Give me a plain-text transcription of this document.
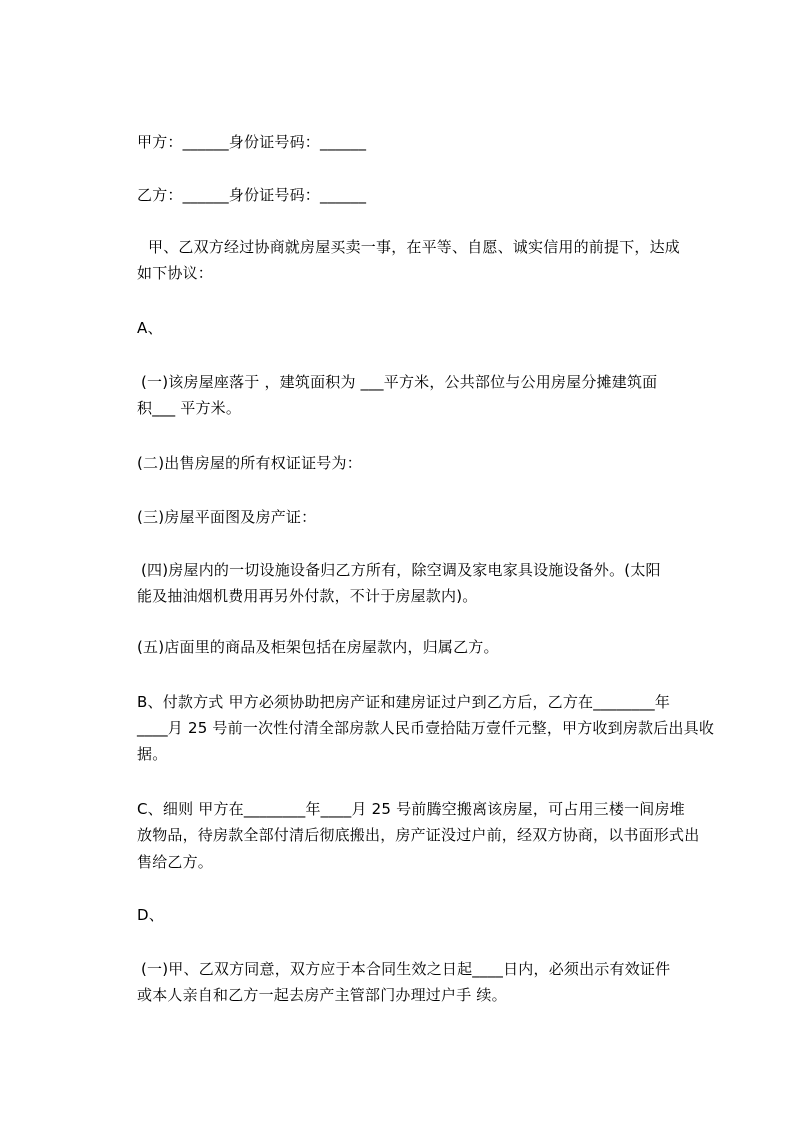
甲方：______身份证号码：______
乙方：______身份证号码：______
甲、乙双方经过协商就房屋买卖一事，在平等、自愿、诚实信用的前提下，达成
如下协议：
A、
(一)该房屋座落于 ，建筑面积为 ___平方米，公共部位与公用房屋分摊建筑面
积___ 平方米。
(二)出售房屋的所有权证证号为：
(三)房屋平面图及房产证：
(四)房屋内的一切设施设备归乙方所有，除空调及家电家具设施设备外。(太阳
能及抽油烟机费用再另外付款，不计于房屋款内)。
(五)店面里的商品及柜架包括在房屋款内，归属乙方。
B、付款方式 甲方必须协助把房产证和建房证过户到乙方后，乙方在________年
____月 25 号前一次性付清全部房款人民币壹拾陆万壹仟元整，甲方收到房款后出具收
据。
C、细则 甲方在________年____月 25 号前腾空搬离该房屋，可占用三楼一间房堆
放物品，待房款全部付清后彻底搬出，房产证没过户前，经双方协商，以书面形式出
售给乙方。
D、
(一)甲、乙双方同意，双方应于本合同生效之日起____日内，必须出示有效证件
或本人亲自和乙方一起去房产主管部门办理过户手 续。
